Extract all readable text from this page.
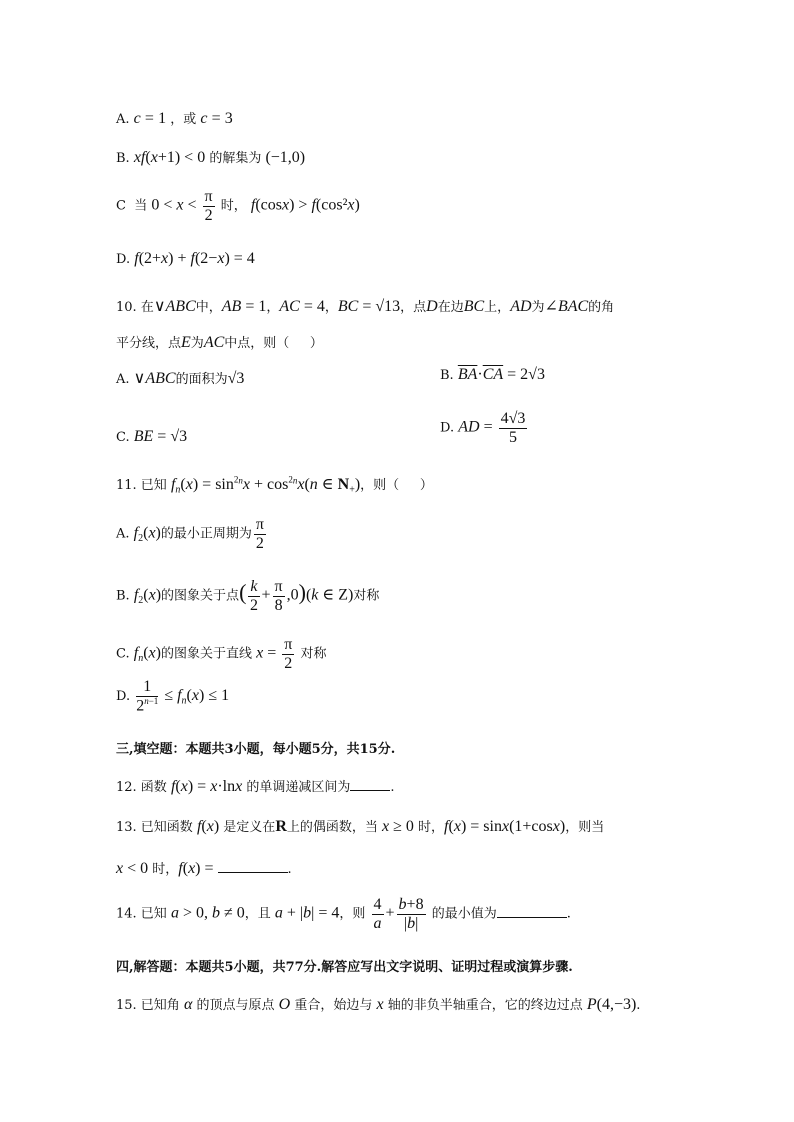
A. c = 1 ，或 c = 3
B. xf(x+1) < 0 的解集为 (−1,0)
C  当 $0 < x < \frac{\pi}{2}$ 时， f(cosx) > f(cos²x)
D. f(2+x) + f(2−x) = 4
10. 在∨ABC中，AB = 1，AC = 4，BC = √13，点D在边BC上，AD为∠BAC的角
平分线，点E为AC中点，则（     ）
A. ∨ABC的面积为√3	B. $\overline{BA}\cdot\overline{CA} = 2√3$
C. BE = √3	D. AD = $\frac{4√3}{5}$
11. 已知 $f_n(x) = \sin^{2n}x + \cos^{2n}x(n$ ∈ $N_+$)，则（     ）
A. $f_2(x)$的最小正周期为 $\frac{\pi}{2}$
B. $f_2(x)$的图象关于点( $\frac{k}{2} + \frac{\pi}{8} ,0)(k$ ∈ Z)对称
C. $f_n(x)$的图象关于直线 $x = \frac{\pi}{2}$ 对称
D. $\frac{1}{2^{n-1}} \le f_n(x) \le 1$
三,填空题：本题共3小题，每小题5分，共15分.
12. 函数 f(x) = x·lnx 的单调递减区间为	.
13. 已知函数 f(x) 是定义在R上的偶函数，当 x ≥ 0 时，f(x) = sinx(1+cosx)，则当
x < 0 时，f(x) =	.
14. 已知 a > 0, b ≠ 0，且 a + |b| = 4，则 $\frac{4}{a} + \frac{b+8}{|b|}$ 的最小值为	.
四,解答题：本题共5小题，共77分.解答应写出文字说明、证明过程或演算步骤.
15. 已知角 α 的顶点与原点 O 重合，始边与 x 轴的非负半轴重合，它的终边过点 P(4,−3).
